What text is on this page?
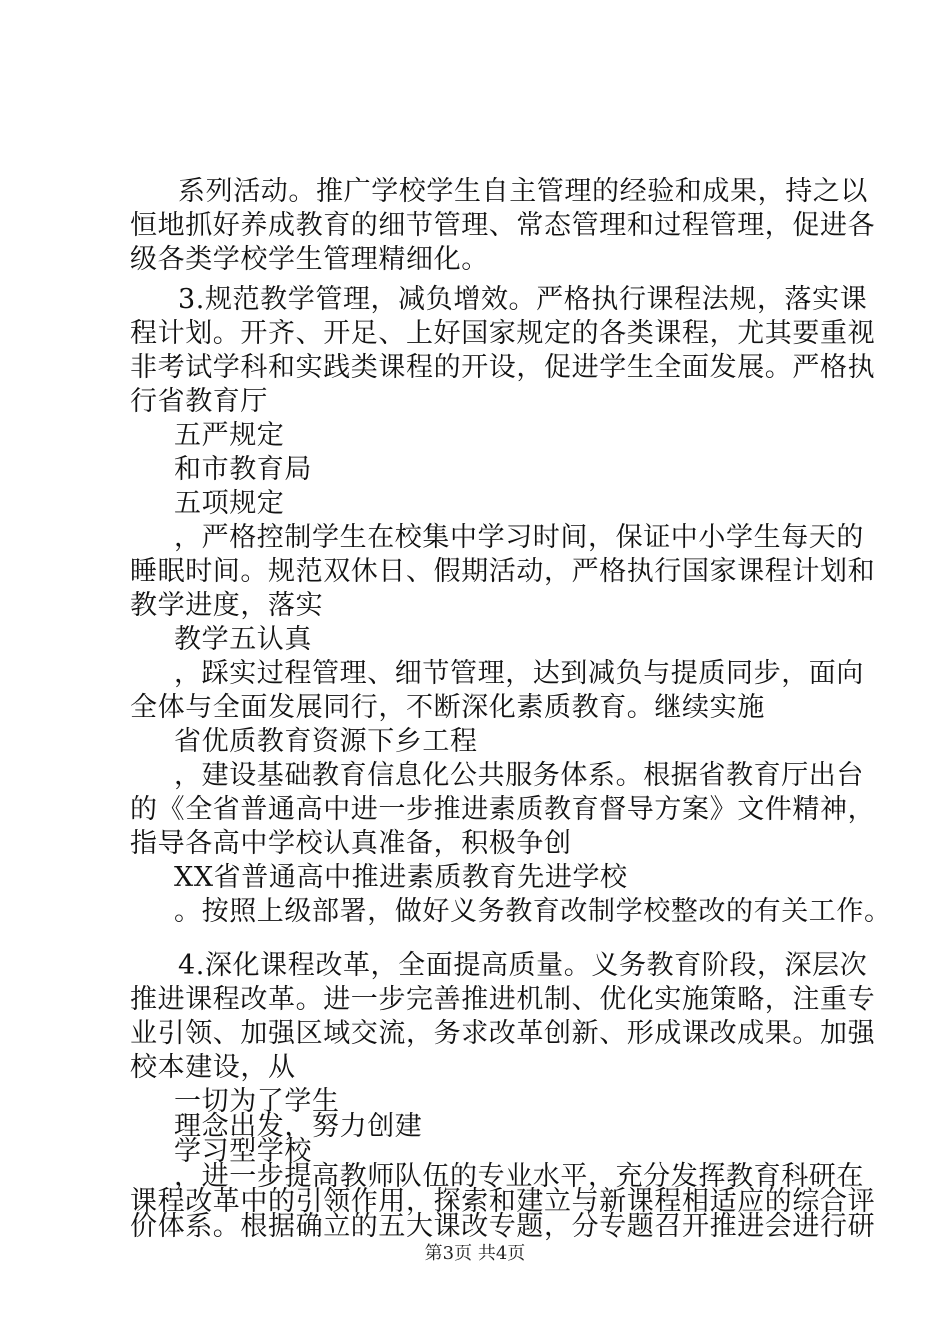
系列活动。推广学校学生自主管理的经验和成果，持之以
恒地抓好养成教育的细节管理、常态管理和过程管理，促进各
级各类学校学生管理精细化。
3.规范教学管理，减负增效。严格执行课程法规，落实课
程计划。开齐、开足、上好国家规定的各类课程，尤其要重视
非考试学科和实践类课程的开设，促进学生全面发展。严格执
行省教育厅
五严规定
和市教育局
五项规定
，严格控制学生在校集中学习时间，保证中小学生每天的
睡眠时间。规范双休日、假期活动，严格执行国家课程计划和
教学进度，落实
教学五认真
，踩实过程管理、细节管理，达到减负与提质同步，面向
全体与全面发展同行，不断深化素质教育。继续实施
省优质教育资源下乡工程
，建设基础教育信息化公共服务体系。根据省教育厅出台
的《全省普通高中进一步推进素质教育督导方案》文件精神，
指导各高中学校认真准备，积极争创
XX省普通高中推进素质教育先进学校
。按照上级部署，做好义务教育改制学校整改的有关工作。
4.深化课程改革，全面提高质量。义务教育阶段，深层次
推进课程改革。进一步完善推进机制、优化实施策略，注重专
业引领、加强区域交流，务求改革创新、形成课改成果。加强
校本建设，从
一切为了学生
理念出发，努力创建
学习型学校
，进一步提高教师队伍的专业水平，充分发挥教育科研在
第3页 共4页
课程改革中的引领作用，探索和建立与新课程相适应的综合评
价体系。根据确立的五大课改专题，分专题召开推进会进行研
